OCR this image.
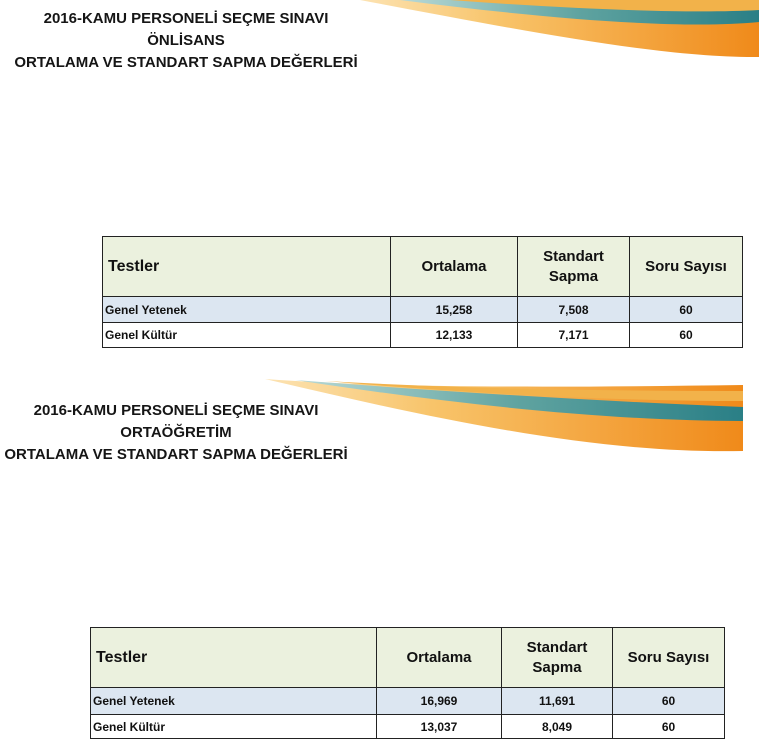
2016-KAMU PERSONELİ SEÇME SINAVI
ÖNLİSANS
ORTALAMA VE STANDART SAPMA DEĞERLERİ
Testler	Ortalama	Standart Sapma	Soru Sayısı
Genel Yetenek	15,258	7,508	60
Genel Kültür	12,133	7,171	60
2016-KAMU PERSONELİ SEÇME SINAVI
ORTAÖĞRETİM
ORTALAMA VE STANDART SAPMA DEĞERLERİ
Testler	Ortalama	Standart Sapma	Soru Sayısı
Genel Yetenek	16,969	11,691	60
Genel Kültür	13,037	8,049	60
